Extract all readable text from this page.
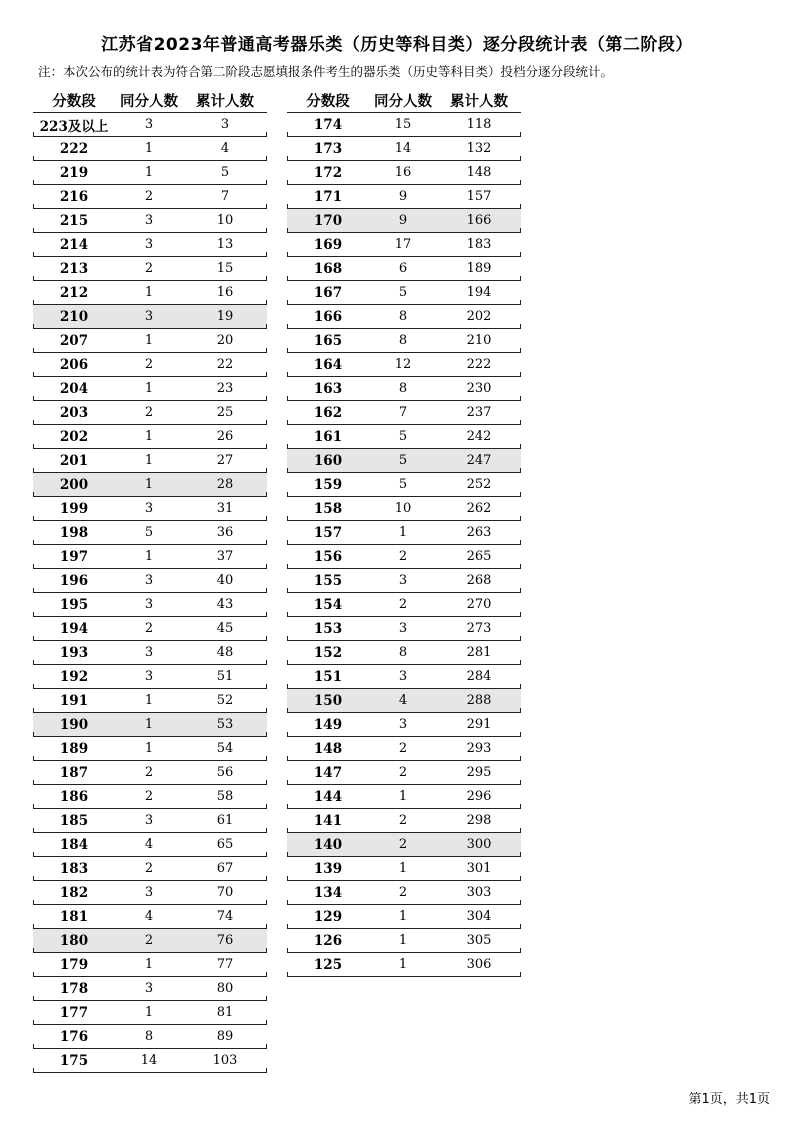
江苏省2023年普通高考器乐类（历史等科目类）逐分段统计表（第二阶段）
注：本次公布的统计表为符合第二阶段志愿填报条件考生的器乐类（历史等科目类）投档分逐分段统计。
分数段	同分人数	累计人数
223及以上	3	3
222	1	4
219	1	5
216	2	7
215	3	10
214	3	13
213	2	15
212	1	16
210	3	19
207	1	20
206	2	22
204	1	23
203	2	25
202	1	26
201	1	27
200	1	28
199	3	31
198	5	36
197	1	37
196	3	40
195	3	43
194	2	45
193	3	48
192	3	51
191	1	52
190	1	53
189	1	54
187	2	56
186	2	58
185	3	61
184	4	65
183	2	67
182	3	70
181	4	74
180	2	76
179	1	77
178	3	80
177	1	81
176	8	89
175	14	103
分数段	同分人数	累计人数
174	15	118
173	14	132
172	16	148
171	9	157
170	9	166
169	17	183
168	6	189
167	5	194
166	8	202
165	8	210
164	12	222
163	8	230
162	7	237
161	5	242
160	5	247
159	5	252
158	10	262
157	1	263
156	2	265
155	3	268
154	2	270
153	3	273
152	8	281
151	3	284
150	4	288
149	3	291
148	2	293
147	2	295
144	1	296
141	2	298
140	2	300
139	1	301
134	2	303
129	1	304
126	1	305
125	1	306
第1页，共1页
